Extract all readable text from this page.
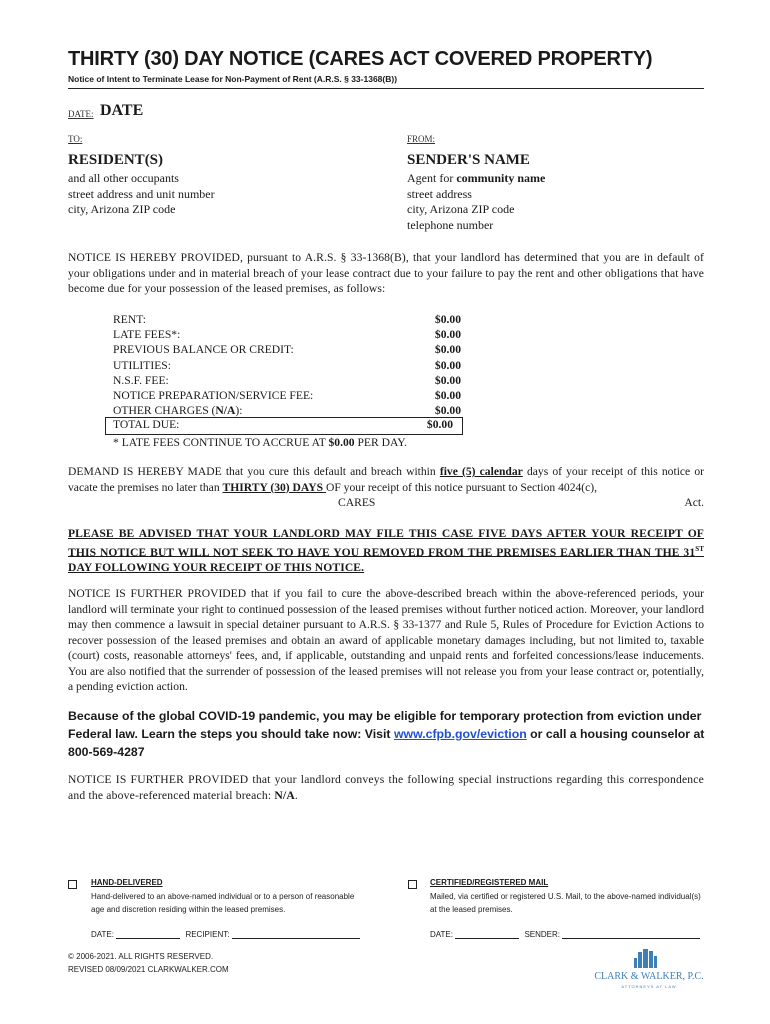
THIRTY (30) DAY NOTICE (CARES ACT COVERED PROPERTY)
Notice of Intent to Terminate Lease for Non-Payment of Rent (A.R.S. § 33-1368(B))
DATE: DATE
TO:	FROM:
RESIDENT(S)
and all other occupants
street address and unit number
city, Arizona ZIP code
SENDER'S NAME
Agent for community name
street address
city, Arizona ZIP code
telephone number
NOTICE IS HEREBY PROVIDED, pursuant to A.R.S. § 33-1368(B), that your landlord has determined that you are in default of your obligations under and in material breach of your lease contract due to your failure to pay the rent and other obligations that have become due for your possession of the leased premises, as follows:
RENT:	$0.00
LATE FEES*:	$0.00
PREVIOUS BALANCE OR CREDIT:	$0.00
UTILITIES:	$0.00
N.S.F. FEE:	$0.00
NOTICE PREPARATION/SERVICE FEE:	$0.00
OTHER CHARGES (N/A):	$0.00
TOTAL DUE:	$0.00
* LATE FEES CONTINUE TO ACCRUE AT $0.00 PER DAY.
DEMAND IS HEREBY MADE that you cure this default and breach within five (5) calendar days of your receipt of this notice or vacate the premises no later than THIRTY (30) DAYS OF your receipt of this notice pursuant to Section 4024(c),
CARES	Act.
PLEASE BE ADVISED THAT YOUR LANDLORD MAY FILE THIS CASE FIVE DAYS AFTER YOUR RECEIPT OF THIS NOTICE BUT WILL NOT SEEK TO HAVE YOU REMOVED FROM THE PREMISES EARLIER THAN THE 31ST DAY FOLLOWING YOUR RECEIPT OF THIS NOTICE.
NOTICE IS FURTHER PROVIDED that if you fail to cure the above-described breach within the above-referenced periods, your landlord will terminate your right to continued possession of the leased premises without further noticed action. Moreover, your landlord may then commence a lawsuit in special detainer pursuant to A.R.S. § 33-1377 and Rule 5, Rules of Procedure for Eviction Actions to recover possession of the leased premises and obtain an award of applicable monetary damages including, but not limited to, taxable (court) costs, reasonable attorneys' fees, and, if applicable, outstanding and unpaid rents and forfeited concessions/lease inducements. You are also notified that the surrender of possession of the leased premises will not release you from your lease contract or, potentially, a pending eviction action.
Because of the global COVID-19 pandemic, you may be eligible for temporary protection from eviction under Federal law. Learn the steps you should take now: Visit www.cfpb.gov/eviction or call a housing counselor at 800-569-4287
NOTICE IS FURTHER PROVIDED that your landlord conveys the following special instructions regarding this correspondence and the above-referenced material breach: N/A.
HAND-DELIVERED
Hand-delivered to an above-named individual or to a person of reasonable age and discretion residing within the leased premises.
DATE:	RECIPIENT:
CERTIFIED/REGISTERED MAIL
Mailed, via certified or registered U.S. Mail, to the above-named individual(s) at the leased premises.
DATE:	SENDER:
© 2006-2021. ALL RIGHTS RESERVED.
REVISED 08/09/2021 CLARKWALKER.COM
CLARK & WALKER, P.C.
ATTORNEYS AT LAW
